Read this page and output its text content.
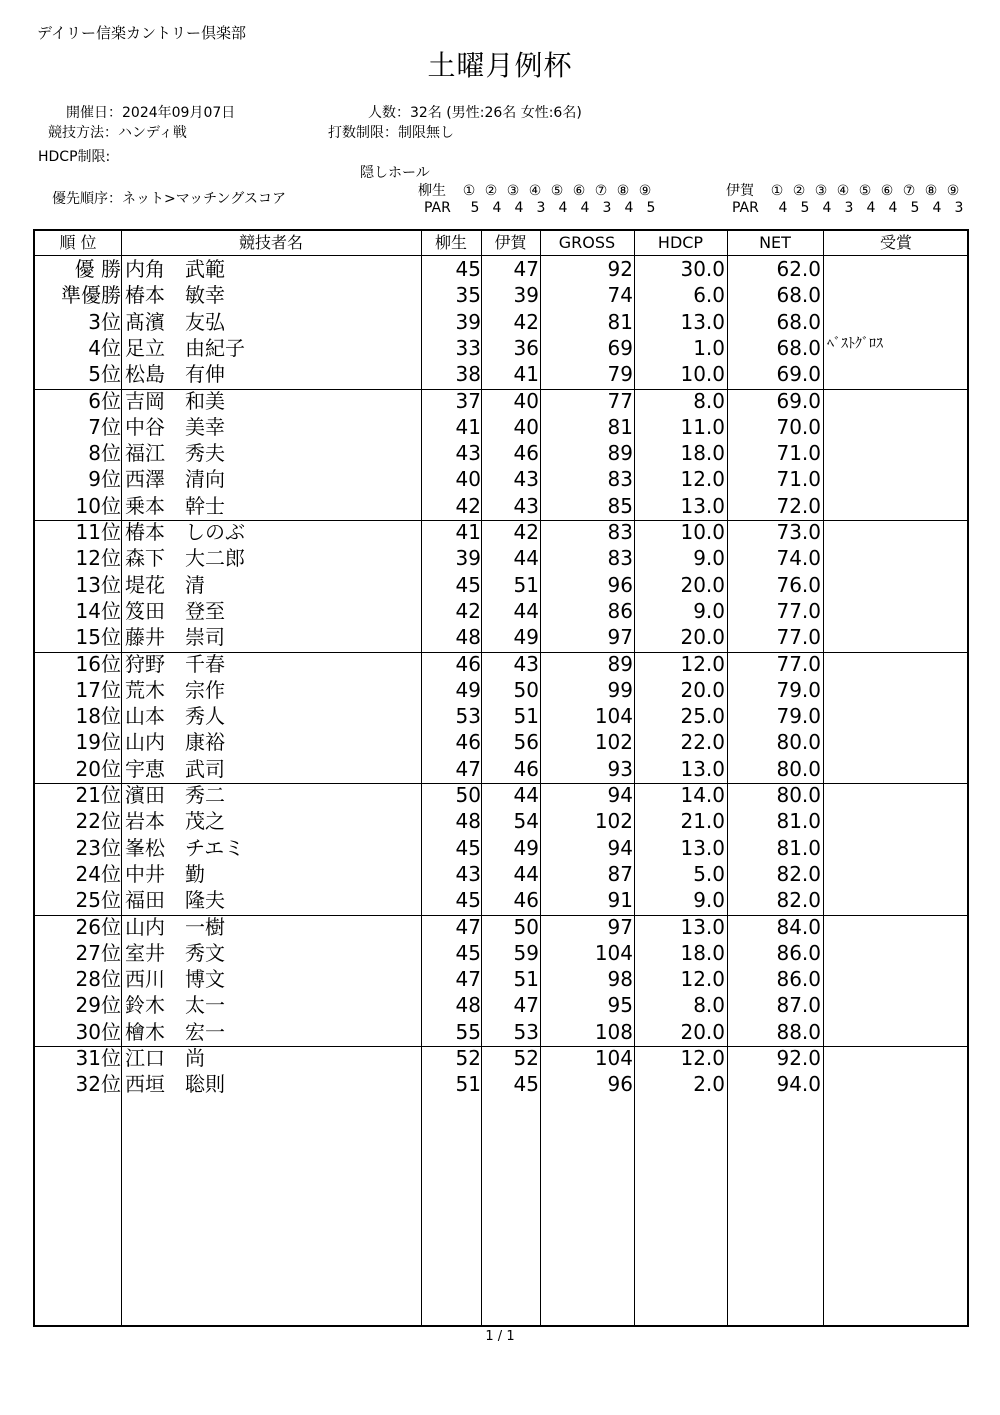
デイリー信楽カントリー倶楽部
土曜月例杯
開催日：2024年09月07日
競技方法：ハンディ戦
HDCP制限:
人数：32名 (男性:26名 女性:6名)
打数制限：制限無し
隠しホール
優先順序：ネット>マッチングスコア	柳生 ① ② ③ ④ ⑤ ⑥ ⑦ ⑧ ⑨
PAR 5 4 4 3 4 4 3 4 5
伊賀 ① ② ③ ④ ⑤ ⑥ ⑦ ⑧ ⑨
PAR 4 5 4 3 4 4 5 4 3
順 位	競技者名	柳生	伊賀	GROSS	HDCP	NET	受賞
優 勝 内角　武範	45	47	92	30.0	62.0
準優勝 椿本　敏幸	35	39	74	6.0	68.0
3位 髙濱　友弘	39	42	81	13.0	68.0
4位 足立　由紀子	33	36	69	1.0	68.0 ﾍﾞｽﾄｸﾞﾛｽ
5位 松島　有伸	38	41	79	10.0	69.0
6位 吉岡　和美	37	40	77	8.0	69.0
7位 中谷　美幸	41	40	81	11.0	70.0
8位 福江　秀夫	43	46	89	18.0	71.0
9位 西澤　清向	40	43	83	12.0	71.0
10位 乗本　幹士	42	43	85	13.0	72.0
11位 椿本　しのぶ	41	42	83	10.0	73.0
12位 森下　大二郎	39	44	83	9.0	74.0
13位 堤花　清	45	51	96	20.0	76.0
14位 笈田　登至	42	44	86	9.0	77.0
15位 藤井　崇司	48	49	97	20.0	77.0
16位 狩野　千春	46	43	89	12.0	77.0
17位 荒木　宗作	49	50	99	20.0	79.0
18位 山本　秀人	53	51	104	25.0	79.0
19位 山内　康裕	46	56	102	22.0	80.0
20位 宇恵　武司	47	46	93	13.0	80.0
21位 濱田　秀二	50	44	94	14.0	80.0
22位 岩本　茂之	48	54	102	21.0	81.0
23位 峯松　チエミ	45	49	94	13.0	81.0
24位 中井　勤	43	44	87	5.0	82.0
25位 福田　隆夫	45	46	91	9.0	82.0
26位 山内　一樹	47	50	97	13.0	84.0
27位 室井　秀文	45	59	104	18.0	86.0
28位 西川　博文	47	51	98	12.0	86.0
29位 鈴木　太一	48	47	95	8.0	87.0
30位 檜木　宏一	55	53	108	20.0	88.0
31位 江口　尚	52	52	104	12.0	92.0
32位 西垣　聡則	51	45	96	2.0	94.0
1 / 1
